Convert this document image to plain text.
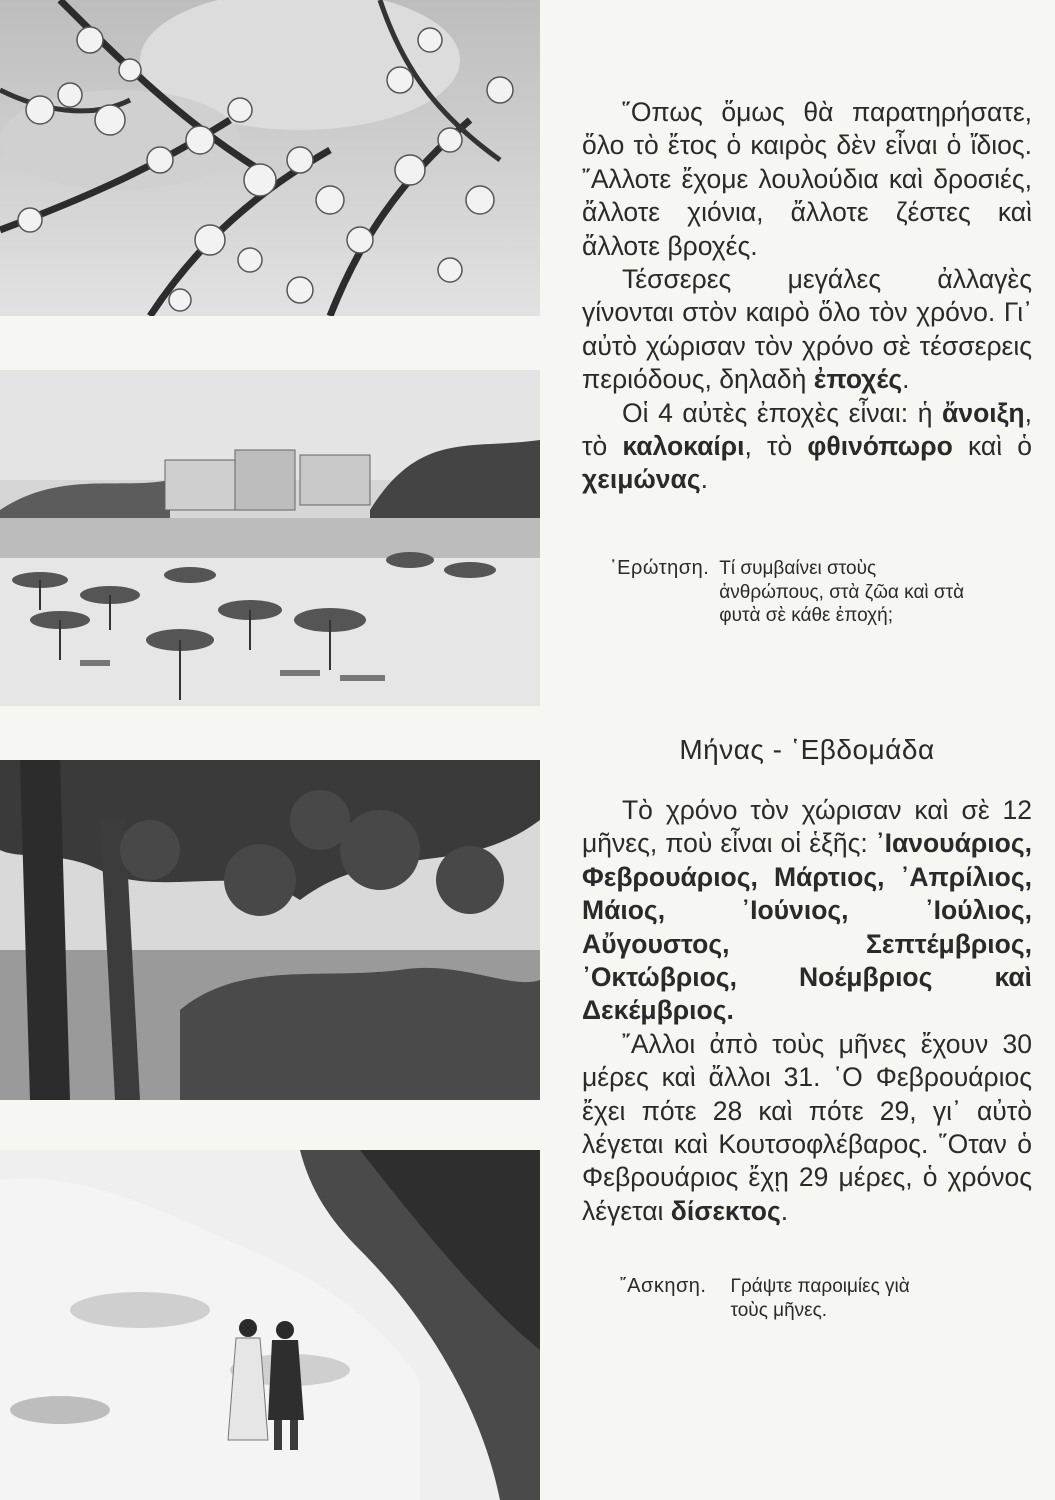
῞Οπως ὅμως θὰ παρατηρήσατε, ὅλο τὸ ἔτος ὁ καιρὸς δὲν εἶναι ὁ ἴδιος. ῎Αλλοτε ἔχομε λουλούδια καὶ δροσιές, ἄλλοτε χιόνια, ἄλλοτε ζέστες καὶ ἄλλοτε βροχές.

Τέσσερες μεγάλες ἀλλαγὲς γίνονται στὸν καιρὸ ὅλο τὸν χρόνο. Γι᾽ αὐτὸ χώρισαν τὸν χρόνο σὲ τέσσερεις περιόδους, δηλαδὴ ἐποχές.

Οἱ 4 αὐτὲς ἐποχὲς εἶναι: ἡ ἄνοιξη, τὸ καλοκαίρι, τὸ φθινόπωρο καὶ ὁ χειμώνας.

῾Ερώτηση. Τί συμβαίνει στοὺς ἀνθρώπους, στὰ ζῶα καὶ στὰ φυτὰ σὲ κάθε ἐποχή;
Μήνας - ῾Εβδομάδα

Τὸ χρόνο τὸν χώρισαν καὶ σὲ 12 μῆνες, ποὺ εἶναι οἱ ἑξῆς: ᾽Ιανουάριος, Φεβρουάριος, Μάρτιος, ᾽Απρίλιος, Μάιος, ᾽Ιούνιος, ᾽Ιούλιος, Αὔγουστος, Σεπτέμβριος, ᾽Οκτώβριος, Νοέμβριος καὶ Δεκέμβριος.

῎Αλλοι ἀπὸ τοὺς μῆνες ἔχουν 30 μέρες καὶ ἄλλοι 31. ῾Ο Φεβρουάριος ἔχει πότε 28 καὶ πότε 29, γι᾽ αὐτὸ λέγεται καὶ Κουτσοφλέβαρος. ῞Οταν ὁ Φεβρουάριος ἔχῃ 29 μέρες, ὁ χρόνος λέγεται δίσεκτος.

῎Ασκηση. Γράψτε παροιμίες γιὰ τοὺς μῆνες.
